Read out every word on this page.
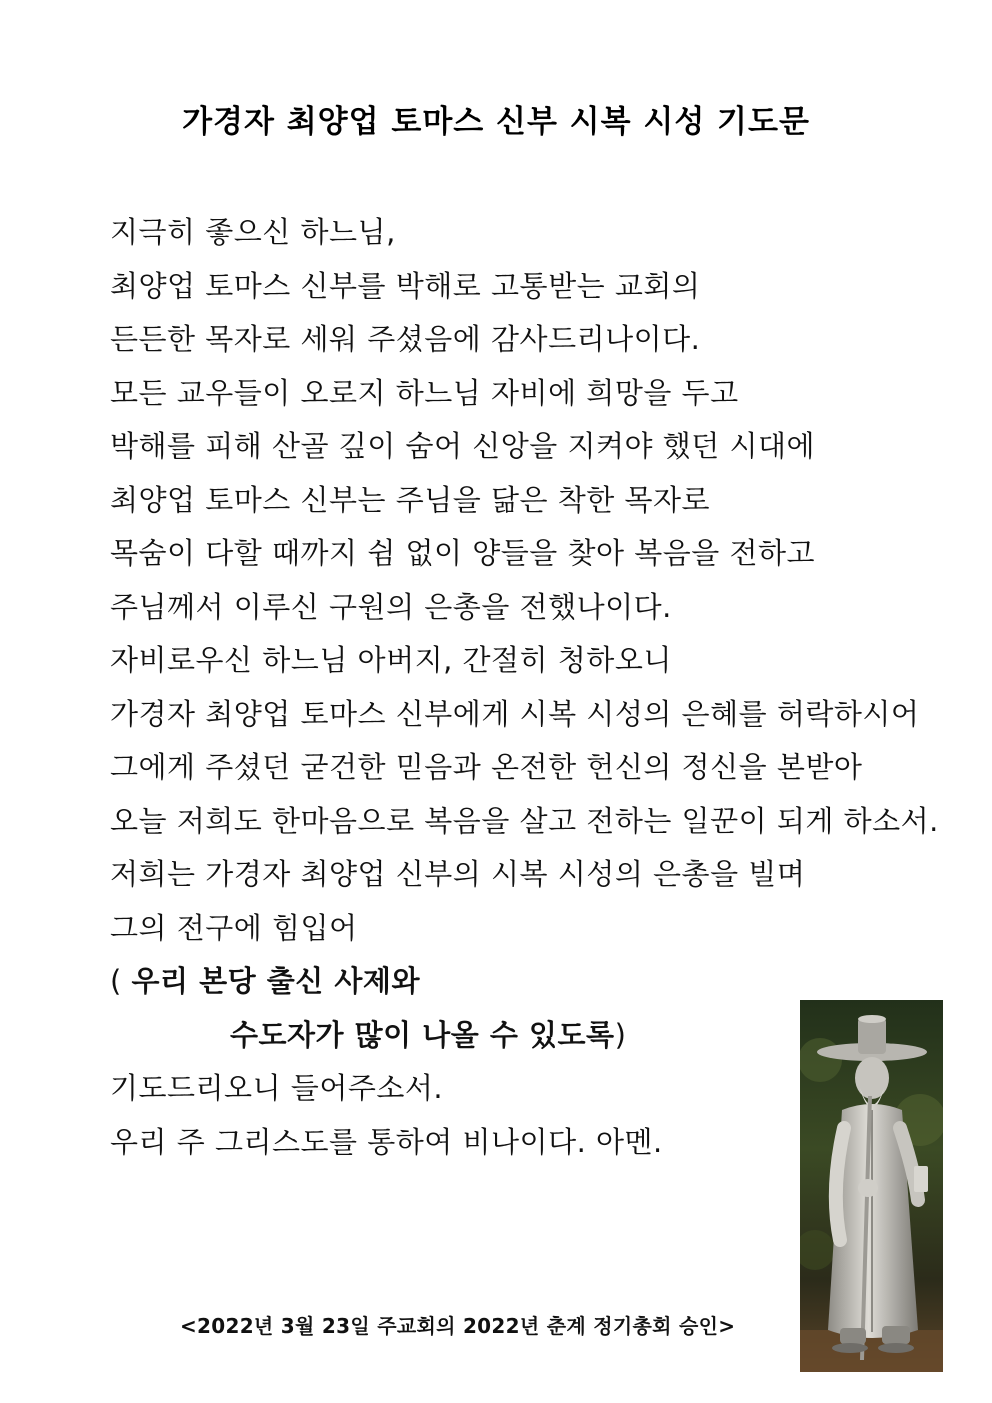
가경자 최양업 토마스 신부 시복 시성 기도문
지극히 좋으신 하느님,
최양업 토마스 신부를 박해로 고통받는 교회의
든든한 목자로 세워 주셨음에 감사드리나이다.
모든 교우들이 오로지 하느님 자비에 희망을 두고
박해를 피해 산골 깊이 숨어 신앙을 지켜야 했던 시대에
최양업 토마스 신부는 주님을 닮은 착한 목자로
목숨이 다할 때까지 쉼 없이 양들을 찾아 복음을 전하고
주님께서 이루신 구원의 은총을 전했나이다.
자비로우신 하느님 아버지, 간절히 청하오니
가경자 최양업 토마스 신부에게 시복 시성의 은혜를 허락하시어
그에게 주셨던 굳건한 믿음과 온전한 헌신의 정신을 본받아
오늘 저희도 한마음으로 복음을 살고 전하는 일꾼이 되게 하소서.
저희는 가경자 최양업 신부의 시복 시성의 은총을 빌며
그의 전구에 힘입어
( 우리 본당 출신 사제와
수도자가 많이 나올 수 있도록)
기도드리오니 들어주소서.
우리 주 그리스도를 통하여 비나이다. 아멘.
<2022년 3월 23일 주교회의 2022년 춘계 정기총회 승인>
